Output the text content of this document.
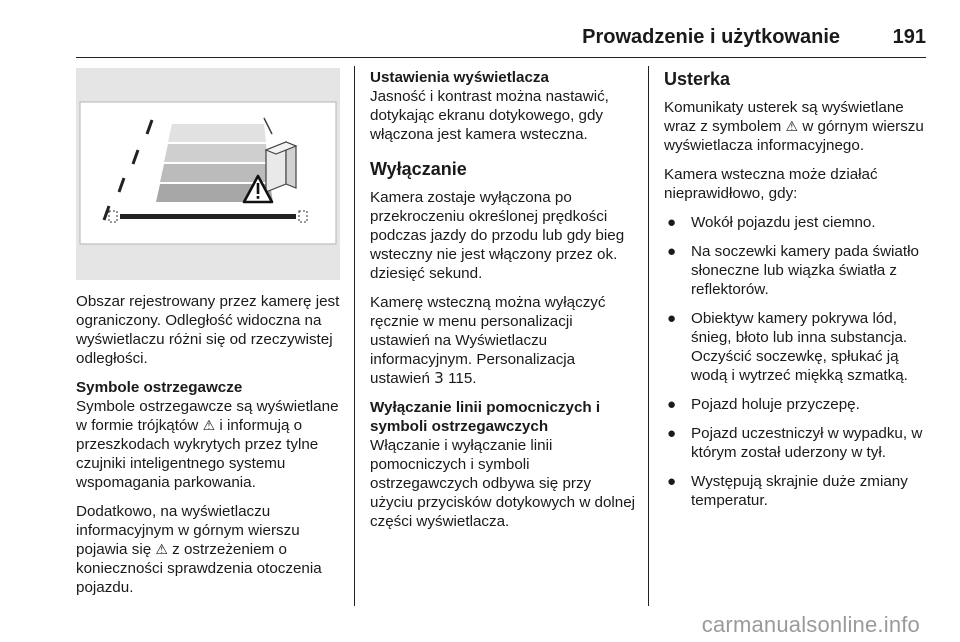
Prowadzenie i użytkowanie	191

Obszar rejestrowany przez kamerę jest ograniczony. Odległość widoczna na wyświetlaczu różni się od rzeczywistej odległości.

Symbole ostrzegawcze

Symbole ostrzegawcze są wyświetlane w formie trójkątów ⚠ i informują o przeszkodach wykrytych przez tylne czujniki inteligentnego systemu wspomagania parkowania.

Dodatkowo, na wyświetlaczu informacyjnym w górnym wierszu pojawia się ⚠ z ostrzeżeniem o konieczności sprawdzenia otoczenia pojazdu.

Ustawienia wyświetlacza

Jasność i kontrast można nastawić, dotykając ekranu dotykowego, gdy włączona jest kamera wsteczna.

Wyłączanie

Kamera zostaje wyłączona po przekroczeniu określonej prędkości podczas jazdy do przodu lub gdy bieg wsteczny nie jest włączony przez ok. dziesięć sekund.

Kamerę wsteczną można wyłączyć ręcznie w menu personalizacji ustawień na Wyświetlaczu informacyjnym. Personalizacja ustawień 3 115.

Wyłączanie linii pomocniczych i symboli ostrzegawczych

Włączanie i wyłączanie linii pomocniczych i symboli ostrzegawczych odbywa się przy użyciu przycisków dotykowych w dolnej części wyświetlacza.

Usterka

Komunikaty usterek są wyświetlane wraz z symbolem ⚠ w górnym wierszu wyświetlacza informacyjnego.

Kamera wsteczna może działać nieprawidłowo, gdy:

● Wokół pojazdu jest ciemno.
● Na soczewki kamery pada światło słoneczne lub wiązka światła z reflektorów.
● Obiektyw kamery pokrywa lód, śnieg, błoto lub inna substancja. Oczyścić soczewkę, spłukać ją wodą i wytrzeć miękką szmatką.
● Pojazd holuje przyczepę.
● Pojazd uczestniczył w wypadku, w którym został uderzony w tył.
● Występują skrajnie duże zmiany temperatur.
carmanualsonline.info
